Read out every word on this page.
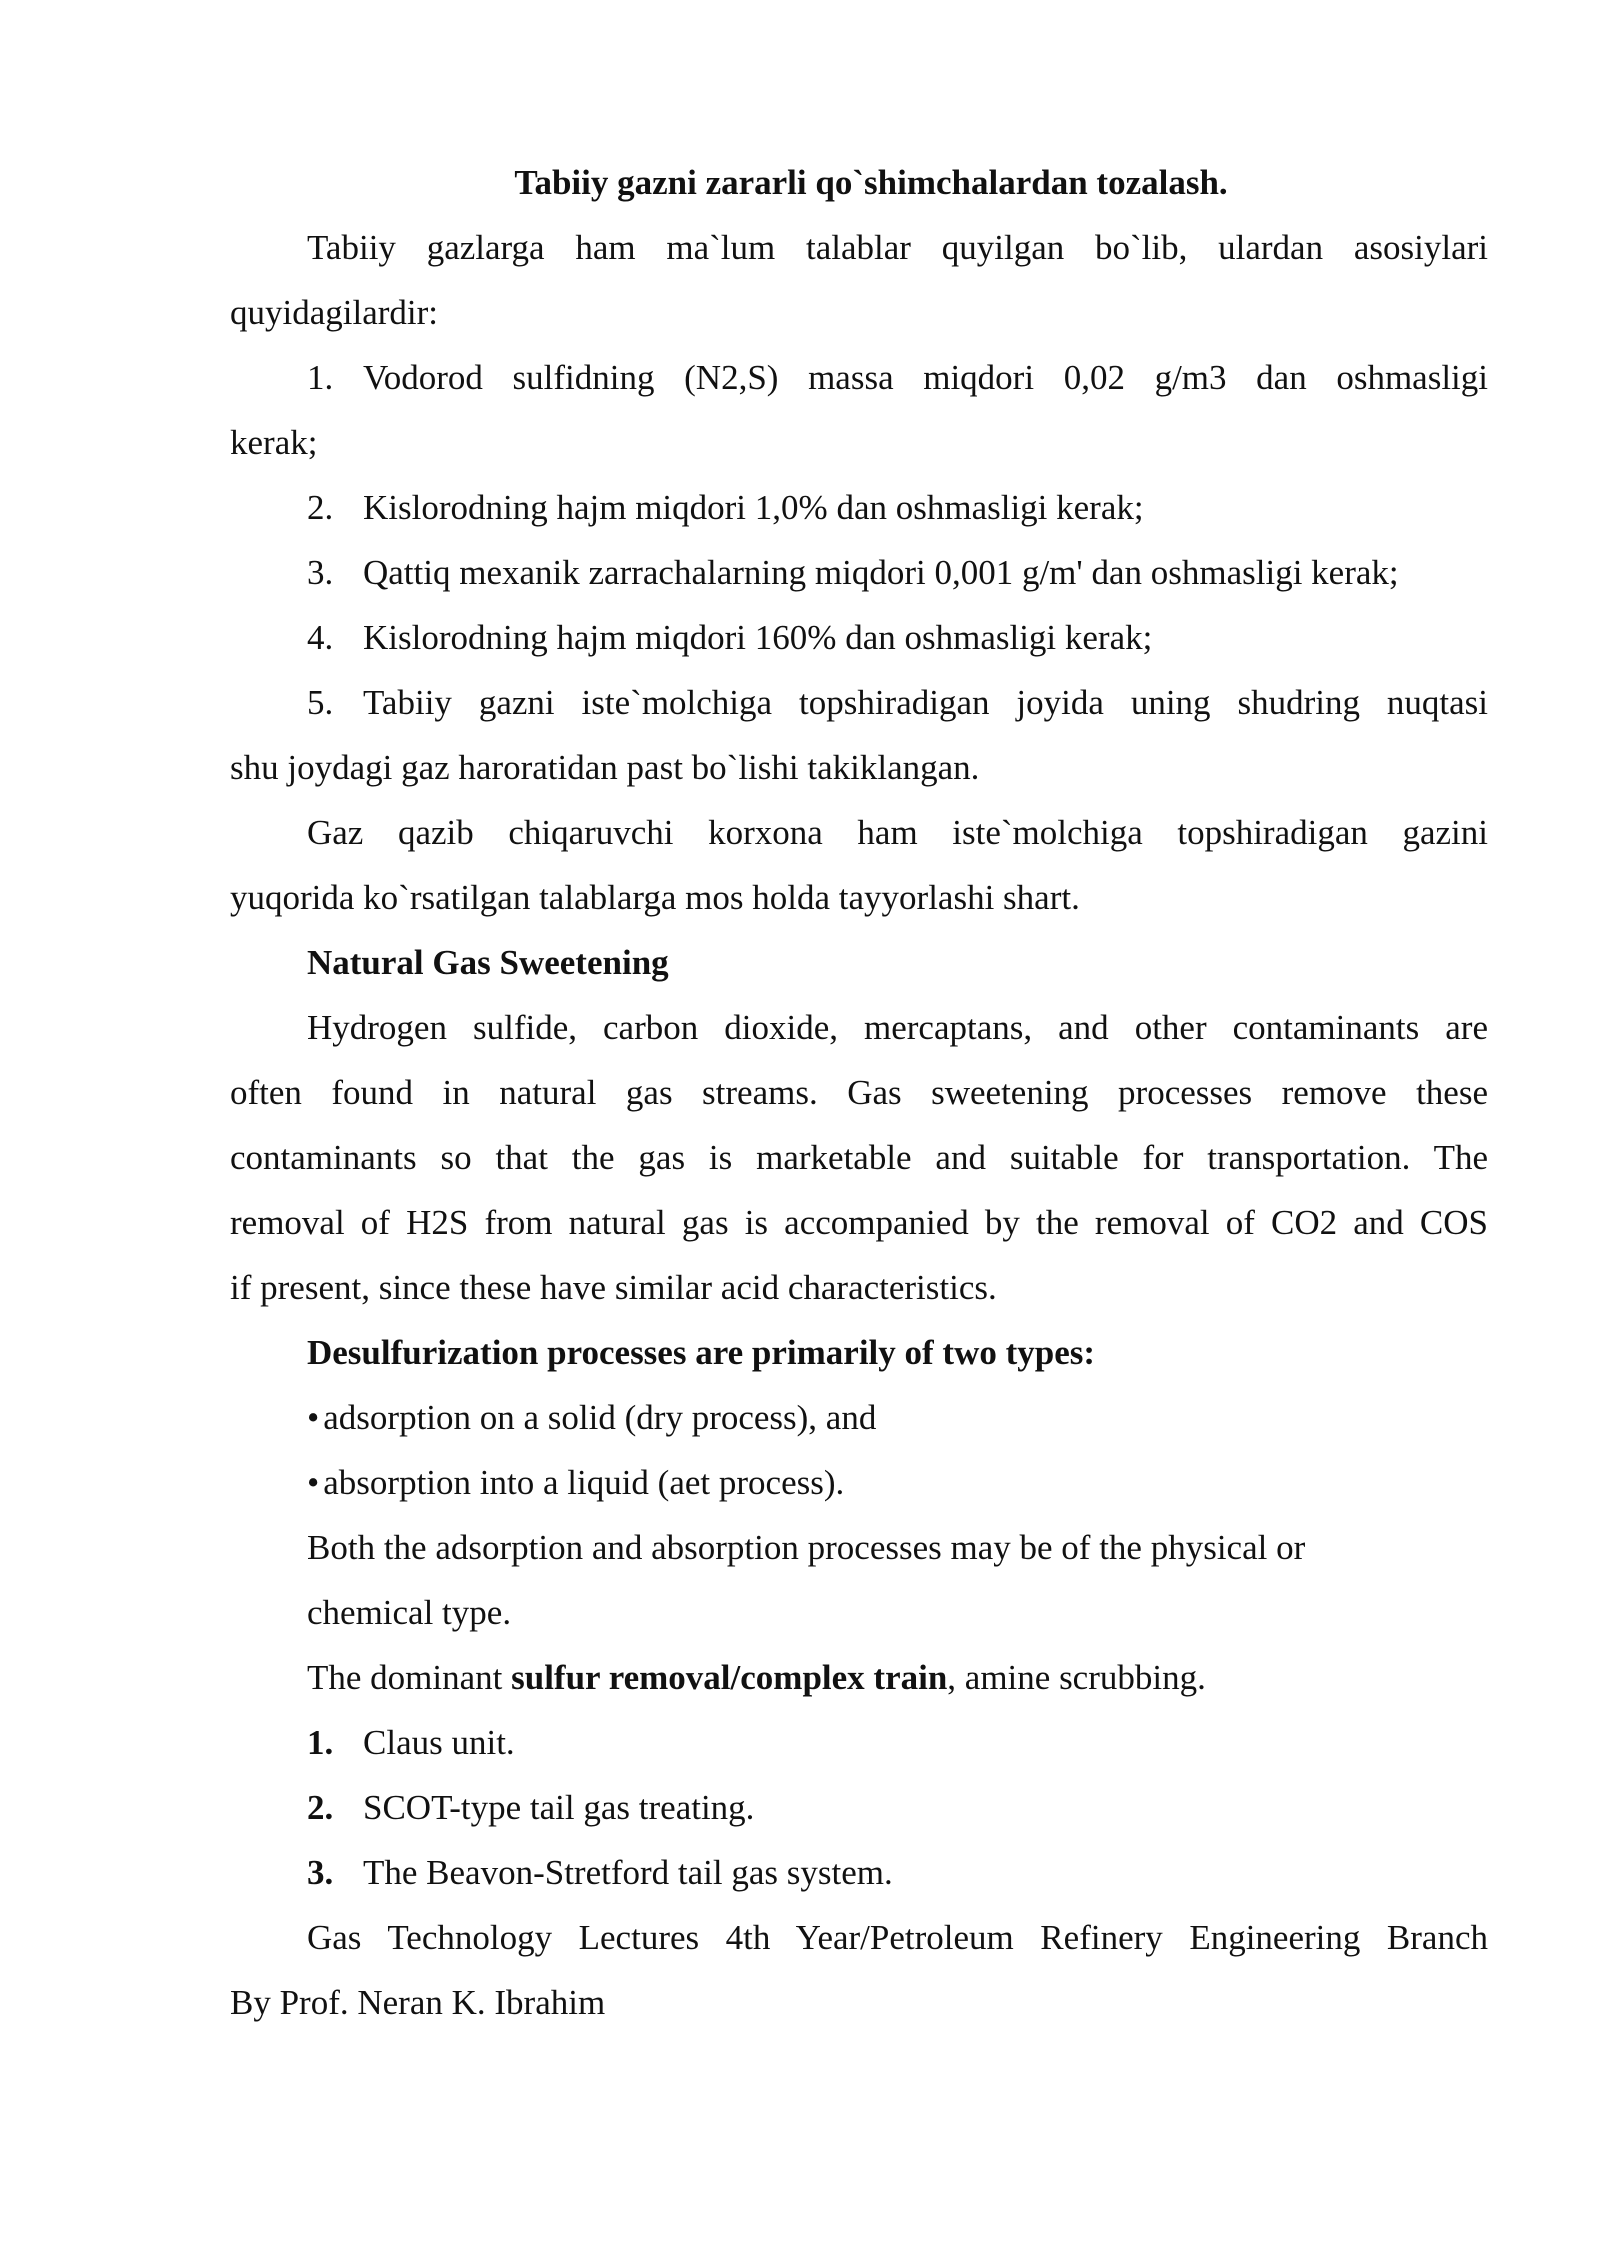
Tabiiy gazni zararli qo`shimchalardan tozalash.
Tabiiy gazlarga ham ma`lum talablar quyilgan bo`lib, ulardan asosiylari
quyidagilardir:
1. Vodorod sulfidning (N2,S) massa miqdori 0,02 g/m3 dan oshmasligi
kerak;
2. Kislorodning hajm miqdori 1,0% dan oshmasligi kerak;
3. Qattiq mexanik zarrachalarning miqdori 0,001 g/m' dan oshmasligi kerak;
4. Kislorodning hajm miqdori 160% dan oshmasligi kerak;
5. Tabiiy gazni iste`molchiga topshiradigan joyida uning shudring nuqtasi
shu joydagi gaz haroratidan past bo`lishi takiklangan.
Gaz qazib chiqaruvchi korxona ham iste`molchiga topshiradigan gazini
yuqorida ko`rsatilgan talablarga mos holda tayyorlashi shart.
Natural Gas Sweetening
Hydrogen sulfide, carbon dioxide, mercaptans, and other contaminants are
often found in natural gas streams. Gas sweetening processes remove these
contaminants so that the gas is marketable and suitable for transportation. The
removal of H2S from natural gas is accompanied by the removal of CO2 and COS
if present, since these have similar acid characteristics.
Desulfurization processes are primarily of two types:
• adsorption on a solid (dry process), and
• absorption into a liquid (aet process).
Both the adsorption and absorption processes may be of the physical or
chemical type.
The dominant sulfur removal/complex train, amine scrubbing.
1. Claus unit.
2. SCOT-type tail gas treating.
3. The Beavon-Stretford tail gas system.
Gas Technology Lectures 4th Year/Petroleum Refinery Engineering Branch
By Prof. Neran K. Ibrahim
